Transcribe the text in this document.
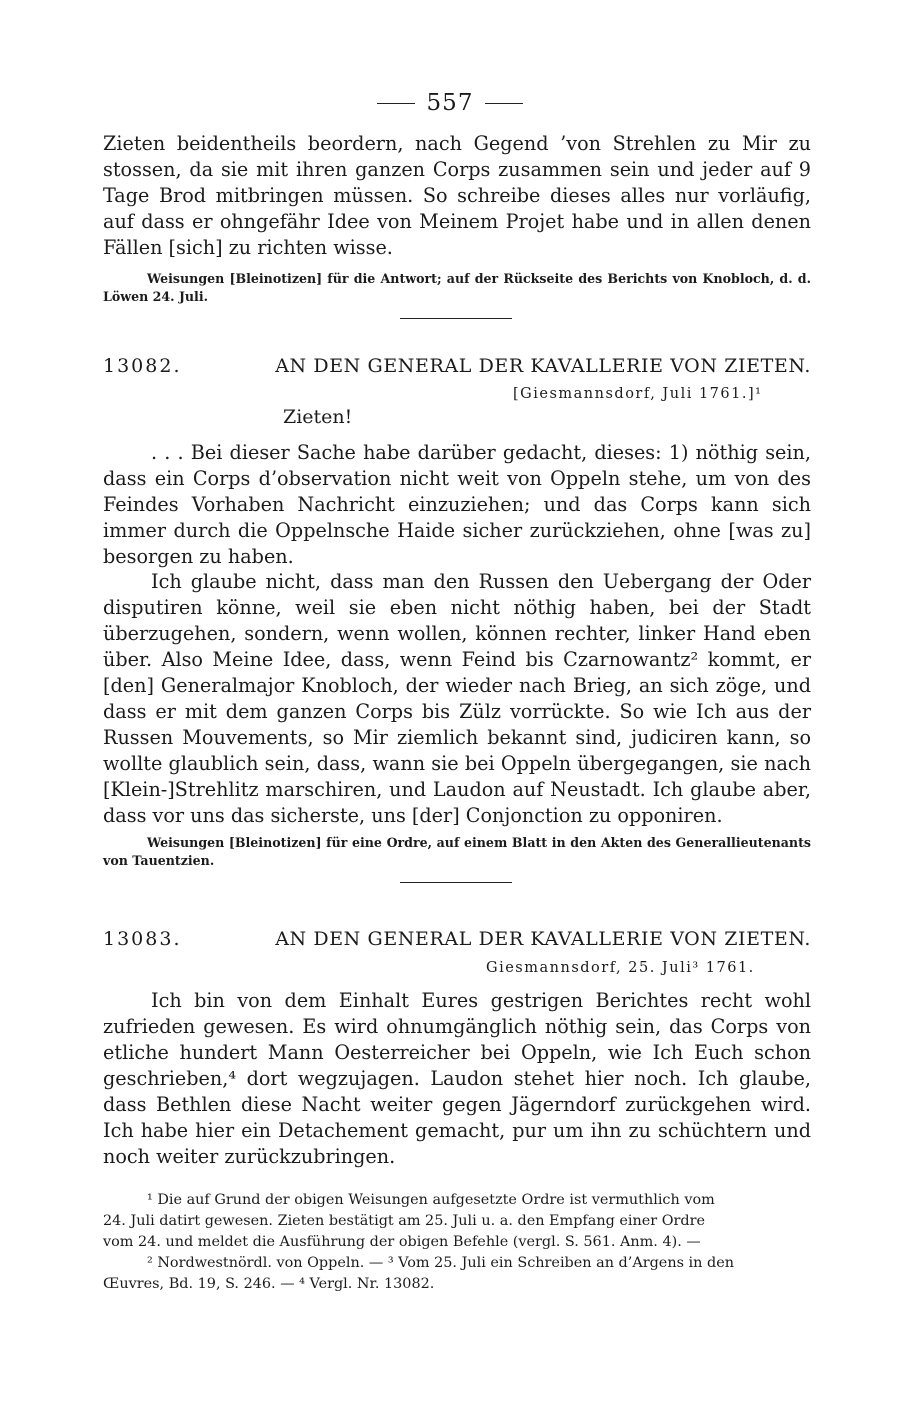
557

Zieten beidentheils beordern, nach Gegend ’von Strehlen zu Mir zu stossen, da sie mit ihren ganzen Corps zusammen sein und jeder auf 9 Tage Brod mitbringen müssen. So schreibe dieses alles nur vorläufig, auf dass er ohngefähr Idee von Meinem Projet habe und in allen denen Fällen [sich] zu richten wisse.

Weisungen [Bleinotizen] für die Antwort; auf der Rückseite des Berichts von Knobloch, d. d. Löwen 24. Juli.

13082.	AN DEN GENERAL DER KAVALLERIE VON ZIETEN.
[Giesmannsdorf, Juli 1761.]¹
Zieten!

. . . Bei dieser Sache habe darüber gedacht, dieses: 1) nöthig sein, dass ein Corps d’observation nicht weit von Oppeln stehe, um von des Feindes Vorhaben Nachricht einzuziehen; und das Corps kann sich immer durch die Oppelnsche Haide sicher zurückziehen, ohne [was zu] besorgen zu haben.

Ich glaube nicht, dass man den Russen den Uebergang der Oder disputiren könne, weil sie eben nicht nöthig haben, bei der Stadt überzugehen, sondern, wenn wollen, können rechter, linker Hand eben über. Also Meine Idee, dass, wenn Feind bis Czarnowantz² kommt, er [den] Generalmajor Knobloch, der wieder nach Brieg, an sich zöge, und dass er mit dem ganzen Corps bis Zülz vorrückte. So wie Ich aus der Russen Mouvements, so Mir ziemlich bekannt sind, judiciren kann, so wollte glaublich sein, dass, wann sie bei Oppeln übergegangen, sie nach [Klein-]Strehlitz marschiren, und Laudon auf Neustadt. Ich glaube aber, dass vor uns das sicherste, uns [der] Conjonction zu opponiren.

Weisungen [Bleinotizen] für eine Ordre, auf einem Blatt in den Akten des Generallieutenants von Tauentzien.

13083.	AN DEN GENERAL DER KAVALLERIE VON ZIETEN.
Giesmannsdorf, 25. Juli³ 1761.

Ich bin von dem Einhalt Eures gestrigen Berichtes recht wohl zufrieden gewesen. Es wird ohnumgänglich nöthig sein, das Corps von etliche hundert Mann Oesterreicher bei Oppeln, wie Ich Euch schon geschrieben,⁴ dort wegzujagen. Laudon stehet hier noch. Ich glaube, dass Bethlen diese Nacht weiter gegen Jägerndorf zurückgehen wird. Ich habe hier ein Detachement gemacht, pur um ihn zu schüchtern und noch weiter zurückzubringen.

¹ Die auf Grund der obigen Weisungen aufgesetzte Ordre ist vermuthlich vom
24. Juli datirt gewesen. Zieten bestätigt am 25. Juli u. a. den Empfang einer Ordre
vom 24. und meldet die Ausführung der obigen Befehle (vergl. S. 561. Anm. 4). —
² Nordwestnördl. von Oppeln. — ³ Vom 25. Juli ein Schreiben an d’Argens in den
Œuvres, Bd. 19, S. 246. — ⁴ Vergl. Nr. 13082.
